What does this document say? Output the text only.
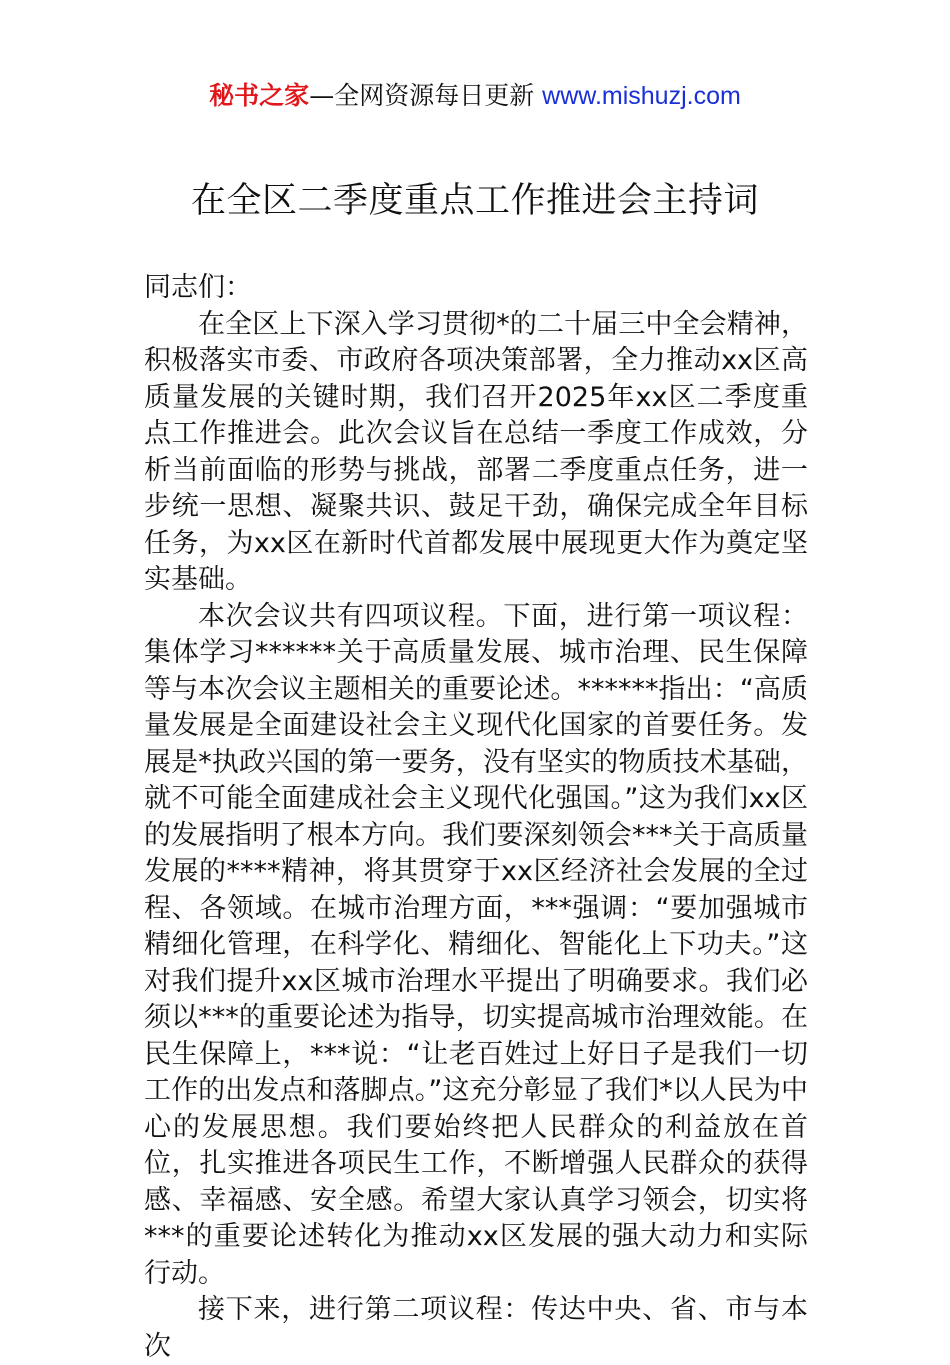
秘书之家—全网资源每日更新 www.mishuzj.com
在全区二季度重点工作推进会主持词

同志们：

在全区上下深入学习贯彻*的二十届三中全会精神，积极落实市委、市政府各项决策部署，全力推动xx区高质量发展的关键时期，我们召开2025年xx区二季度重点工作推进会。此次会议旨在总结一季度工作成效，分析当前面临的形势与挑战，部署二季度重点任务，进一步统一思想、凝聚共识、鼓足干劲，确保完成全年目标任务，为xx区在新时代首都发展中展现更大作为奠定坚实基础。

本次会议共有四项议程。下面，进行第一项议程：集体学习******关于高质量发展、城市治理、民生保障等与本次会议主题相关的重要论述。******指出：“高质量发展是全面建设社会主义现代化国家的首要任务。发展是*执政兴国的第一要务，没有坚实的物质技术基础，就不可能全面建成社会主义现代化强国。”这为我们xx区的发展指明了根本方向。我们要深刻领会***关于高质量发展的****精神，将其贯穿于xx区经济社会发展的全过程、各领域。在城市治理方面，***强调：“要加强城市精细化管理，在科学化、精细化、智能化上下功夫。”这对我们提升xx区城市治理水平提出了明确要求。我们必须以***的重要论述为指导，切实提高城市治理效能。在民生保障上，***说：“让老百姓过上好日子是我们一切工作的出发点和落脚点。”这充分彰显了我们*以人民为中心的发展思想。我们要始终把人民群众的利益放在首位，扎实推进各项民生工作，不断增强人民群众的获得感、幸福感、安全感。希望大家认真学习领会，切实将***的重要论述转化为推动xx区发展的强大动力和实际行动。

接下来，进行第二项议程：传达中央、省、市与本次
